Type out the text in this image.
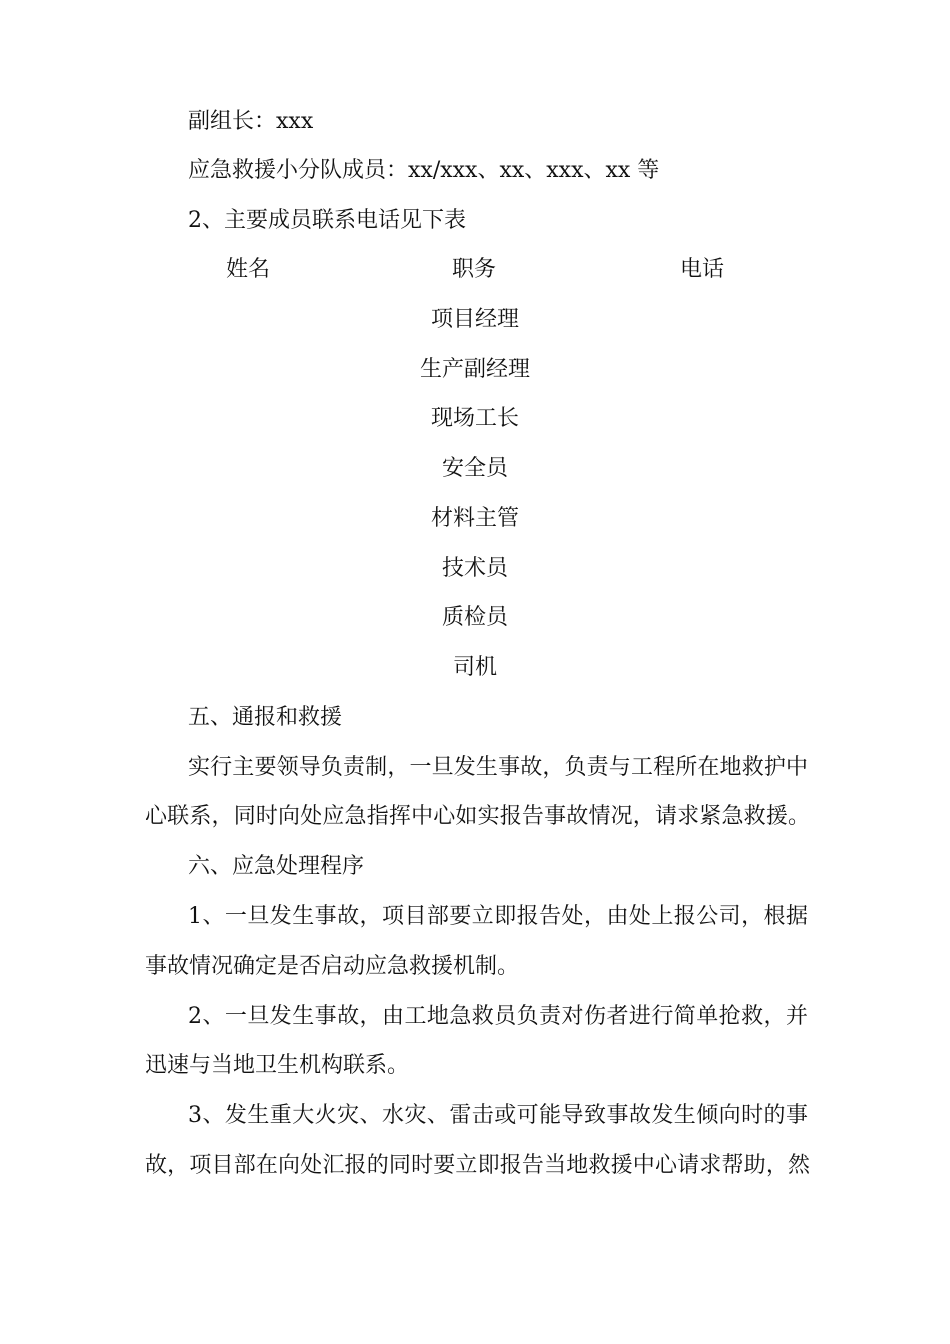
副组长：xxx
应急救援小分队成员：xx/xxx、xx、xxx、xx 等
2、主要成员联系电话见下表
姓名	职务	电话
项目经理
生产副经理
现场工长
安全员
材料主管
技术员
质检员
司机
五、通报和救援
实行主要领导负责制，一旦发生事故，负责与工程所在地救护中
心联系，同时向处应急指挥中心如实报告事故情况，请求紧急救援。
六、应急处理程序
1、一旦发生事故，项目部要立即报告处，由处上报公司，根据
事故情况确定是否启动应急救援机制。
2、一旦发生事故，由工地急救员负责对伤者进行简单抢救，并
迅速与当地卫生机构联系。
3、发生重大火灾、水灾、雷击或可能导致事故发生倾向时的事
故，项目部在向处汇报的同时要立即报告当地救援中心请求帮助，然
